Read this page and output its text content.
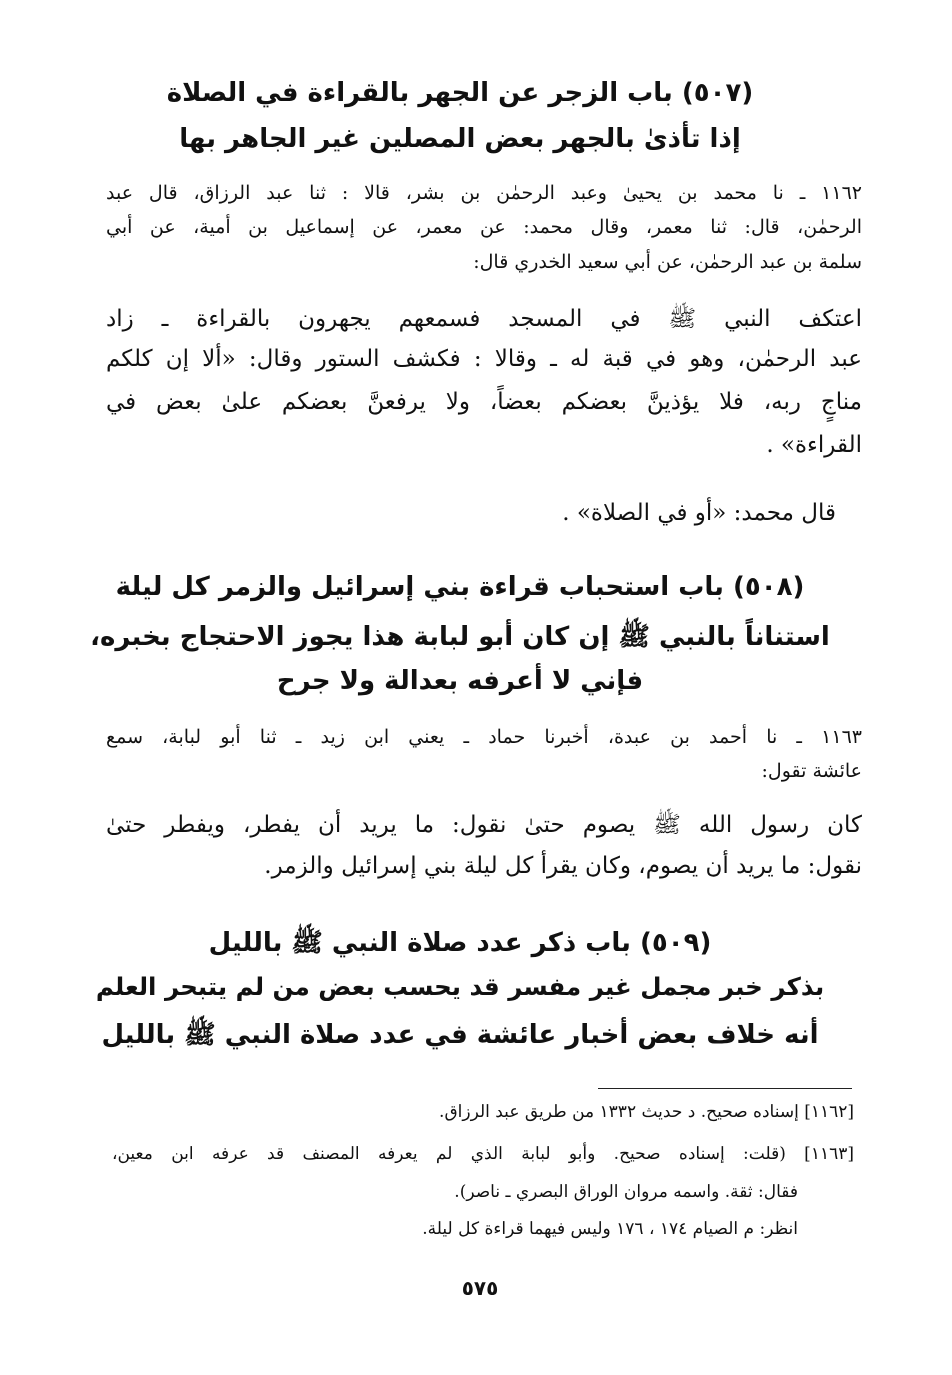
(٥٠٧) باب الزجر عن الجهر بالقراءة في الصلاة
إذا تأذىٰ بالجهر بعض المصلين غير الجاهر بها
١١٦٢ ـ نا محمد بن يحيىٰ وعبد الرحمٰن بن بشر، قالا : ثنا عبد الرزاق، قال عبد
الرحمٰن، قال: ثنا معمر، وقال محمد: عن معمر، عن إسماعيل بن أمية، عن أبي
سلمة بن عبد الرحمٰن، عن أبي سعيد الخدري قال:
اعتكف النبي ﷺ في المسجد فسمعهم يجهرون بالقراءة ـ زاد
عبد الرحمٰن، وهو في قبة له ـ وقالا : فكشف الستور وقال: «ألا إن كلكم
مناجٍ ربه، فلا يؤذينَّ بعضكم بعضاً، ولا يرفعنَّ بعضكم علىٰ بعض في
القراءة» .
قال محمد: «أو في الصلاة» .
(٥٠٨) باب استحباب قراءة بني إسرائيل والزمر كل ليلة
استناناً بالنبي ﷺ إن كان أبو لبابة هذا يجوز الاحتجاج بخبره،
فإني لا أعرفه بعدالة ولا جرح
١١٦٣ ـ نا أحمد بن عبدة، أخبرنا حماد ـ يعني ابن زيد ـ ثنا أبو لبابة، سمع
عائشة تقول:
كان رسول الله ﷺ يصوم حتىٰ نقول: ما يريد أن يفطر، ويفطر حتىٰ
نقول: ما يريد أن يصوم، وكان يقرأ كل ليلة بني إسرائيل والزمر.
(٥٠٩) باب ذكر عدد صلاة النبي ﷺ بالليل
بذكر خبر مجمل غير مفسر قد يحسب بعض من لم يتبحر العلم
أنه خلاف بعض أخبار عائشة في عدد صلاة النبي ﷺ بالليل
[١١٦٢] إسناده صحيح. د حديث ١٣٣٢ من طريق عبد الرزاق.
[١١٦٣] (قلت: إسناده صحيح. وأبو لبابة الذي لم يعرفه المصنف قد عرفه ابن معين،
فقال: ثقة. واسمه مروان الوراق البصري ـ ناصر).
انظر: م الصيام ١٧٤ ، ١٧٦ وليس فيهما قراءة كل ليلة.
٥٧٥
